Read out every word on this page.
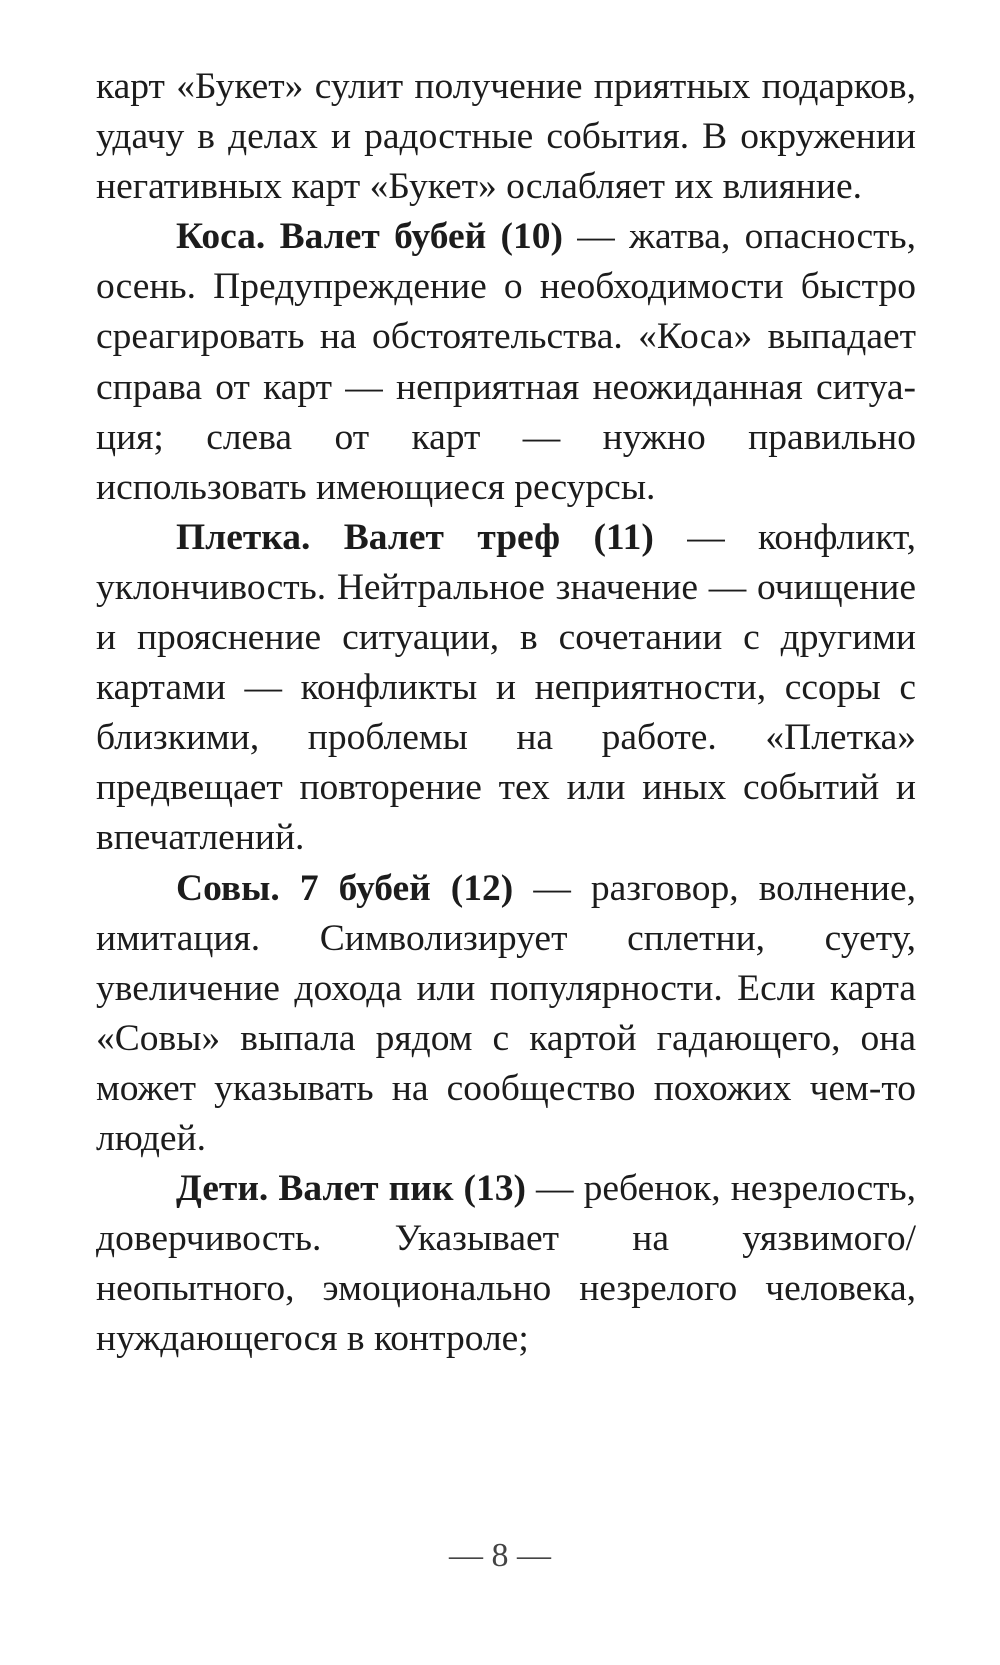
карт «Букет» сулит получение приятных подарков, удачу в делах и радостные события. В окружении негативных карт «Букет» ослабляет их влияние.

Коса. Валет бубей (10) — жатва, опасность, осень. Предупреждение о необходимости быстро среагировать на обстоятельства. «Коса» выпадает справа от карт — неприятная неожиданная ситуация; слева от карт — нужно правильно использовать имеющиеся ресурсы.

Плетка. Валет треф (11) — конфликт, уклончивость. Нейтральное значение — очищение и прояснение ситуации, в сочетании с другими картами — конфликты и неприятности, ссоры с близкими, проблемы на работе. «Плетка» предвещает повторение тех или иных событий и впечатлений.

Совы. 7 бубей (12) — разговор, волнение, имитация. Символизирует сплетни, суету, увеличение дохода или популярности. Если карта «Совы» выпала рядом с картой гадающего, она может указывать на сообщество похожих чем-то людей.

Дети. Валет пик (13) — ребенок, незрелость, доверчивость. Указывает на уязвимого/неопытного, эмоционально незрелого человека, нуждающегося в контроле;

— 8 —
